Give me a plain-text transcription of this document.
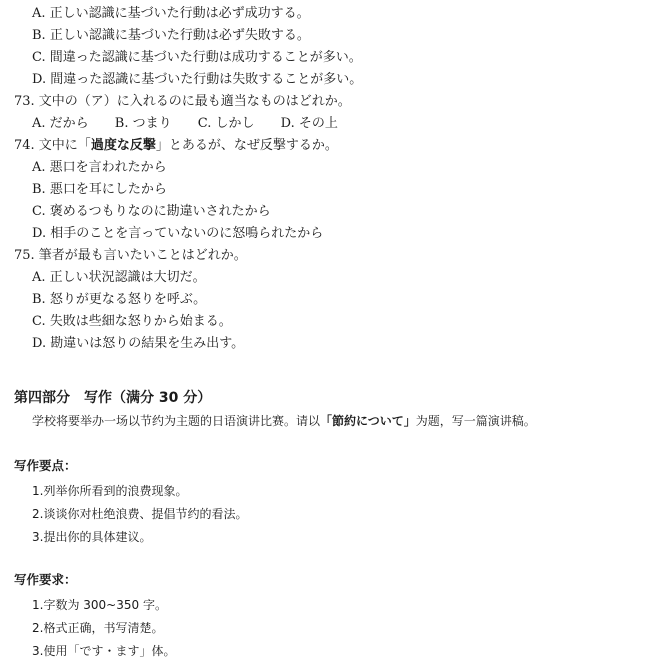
A. 正しい認識に基づいた行動は必ず成功する。
B. 正しい認識に基づいた行動は必ず失敗する。
C. 間違った認識に基づいた行動は成功することが多い。
D. 間違った認識に基づいた行動は失敗することが多い。
73. 文中の（ア）に入れるのに最も適当なものはどれか。
A. だから B. つまり C. しかし D. その上
74. 文中に「過度な反撃」とあるが、なぜ反撃するか。
A. 悪口を言われたから
B. 悪口を耳にしたから
C. 褒めるつもりなのに勘違いされたから
D. 相手のことを言っていないのに怒鳴られたから
75. 筆者が最も言いたいことはどれか。
A. 正しい状況認識は大切だ。
B. 怒りが更なる怒りを呼ぶ。
C. 失敗は些細な怒りから始まる。
D. 勘違いは怒りの結果を生み出す。
第四部分　写作（满分 30 分）
学校将要举办一场以节约为主题的日语演讲比赛。请以「節約について」为题，写一篇演讲稿。
写作要点：
1.列举你所看到的浪费现象。
2.谈谈你对杜绝浪费、提倡节约的看法。
3.提出你的具体建议。
写作要求：
1.字数为 300~350 字。
2.格式正确，书写清楚。
3.使用「です・ます」体。
